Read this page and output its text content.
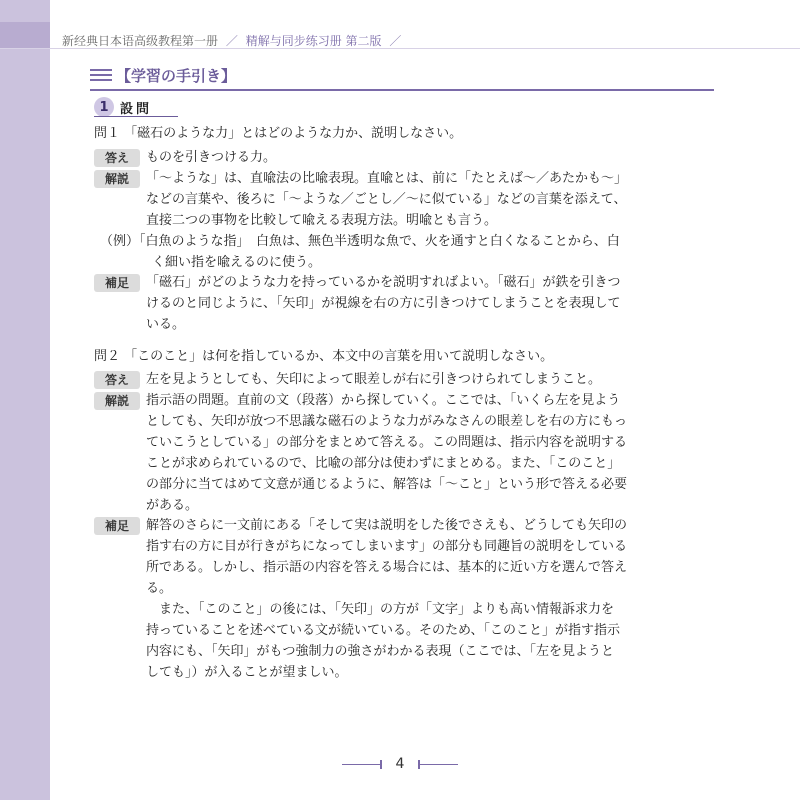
新经典日本语高级教程第一册 ／ 精解与同步练习册 第二版 ／
【学習の手引き】
1 設問
問１ 「磁石のような力」とはどのような力か、説明しなさい。
答え	ものを引きつける力。
解説	「〜ような」は、直喩法の比喩表現。直喩とは、前に「たとえば〜／あたかも〜」
などの言葉や、後ろに「〜ような／ごとし／〜に似ている」などの言葉を添えて、
直接二つの事物を比較して喩える表現方法。明喩とも言う。
（例）「白魚のような指」　白魚は、無色半透明な魚で、火を通すと白くなることから、白
　　　　く細い指を喩えるのに使う。
補足	「磁石」がどのような力を持っているかを説明すればよい。「磁石」が鉄を引きつ
けるのと同じように、「矢印」が視線を右の方に引きつけてしまうことを表現して
いる。
問２ 「このこと」は何を指しているか、本文中の言葉を用いて説明しなさい。
答え	左を見ようとしても、矢印によって眼差しが右に引きつけられてしまうこと。
解説	指示語の問題。直前の文（段落）から探していく。ここでは、「いくら左を見よう
としても、矢印が放つ不思議な磁石のような力がみなさんの眼差しを右の方にもっ
ていこうとしている」の部分をまとめて答える。この問題は、指示内容を説明する
ことが求められているので、比喩の部分は使わずにまとめる。また、「このこと」
の部分に当てはめて文意が通じるように、解答は「〜こと」という形で答える必要
がある。
補足	解答のさらに一文前にある「そして実は説明をした後でさえも、どうしても矢印の
指す右の方に目が行きがちになってしまいます」の部分も同趣旨の説明をしている
所である。しかし、指示語の内容を答える場合には、基本的に近い方を選んで答え
る。
　また、「このこと」の後には、「矢印」の方が「文字」よりも高い情報訴求力を
持っていることを述べている文が続いている。そのため、「このこと」が指す指示
内容にも、「矢印」がもつ強制力の強さがわかる表現（ここでは、「左を見ようと
しても」）が入ることが望ましい。
4
